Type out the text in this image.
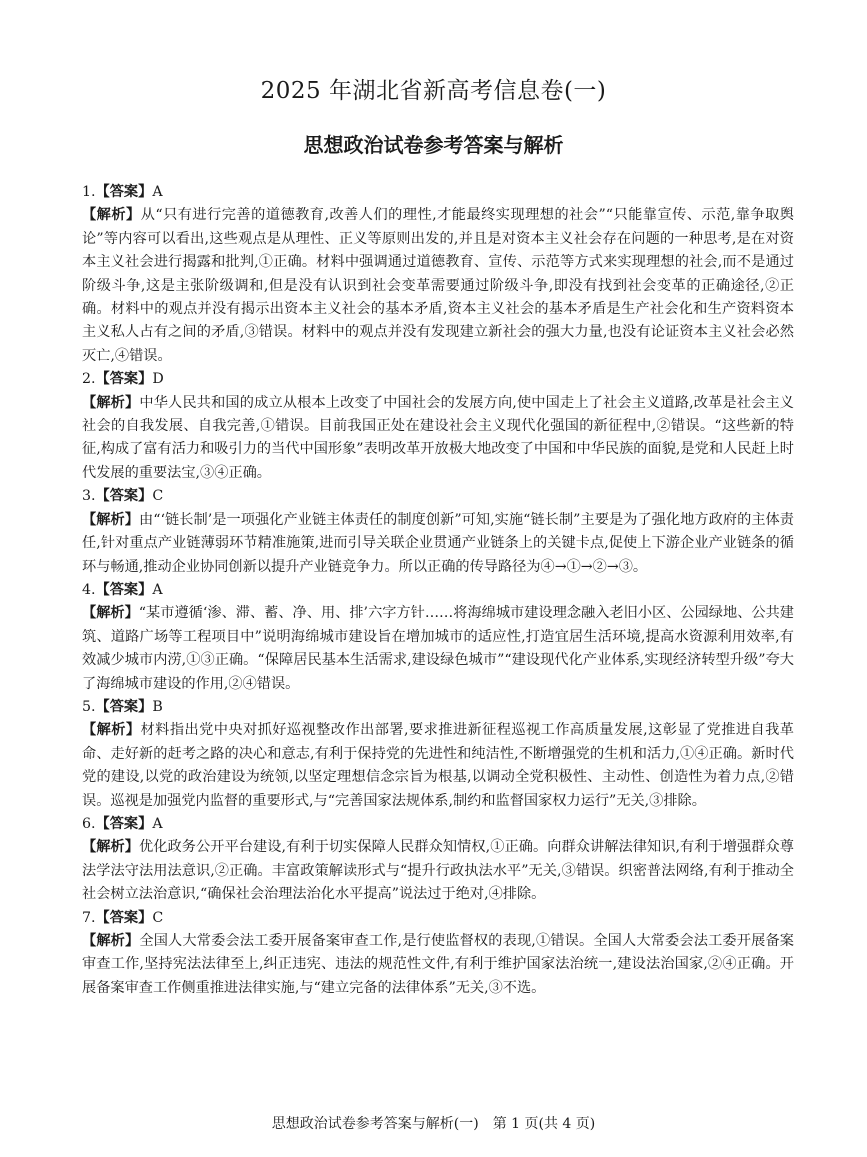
2025 年湖北省新高考信息卷(一)
思想政治试卷参考答案与解析
1.【答案】A
【解析】从“只有进行完善的道德教育,改善人们的理性,才能最终实现理想的社会”“只能靠宣传、示范,靠争取舆论”等内容可以看出,这些观点是从理性、正义等原则出发的,并且是对资本主义社会存在问题的一种思考,是在对资本主义社会进行揭露和批判,①正确。材料中强调通过道德教育、宣传、示范等方式来实现理想的社会,而不是通过阶级斗争,这是主张阶级调和,但是没有认识到社会变革需要通过阶级斗争,即没有找到社会变革的正确途径,②正确。材料中的观点并没有揭示出资本主义社会的基本矛盾,资本主义社会的基本矛盾是生产社会化和生产资料资本主义私人占有之间的矛盾,③错误。材料中的观点并没有发现建立新社会的强大力量,也没有论证资本主义社会必然灭亡,④错误。
2.【答案】D
【解析】中华人民共和国的成立从根本上改变了中国社会的发展方向,使中国走上了社会主义道路,改革是社会主义社会的自我发展、自我完善,①错误。目前我国正处在建设社会主义现代化强国的新征程中,②错误。“这些新的特征,构成了富有活力和吸引力的当代中国形象”表明改革开放极大地改变了中国和中华民族的面貌,是党和人民赶上时代发展的重要法宝,③④正确。
3.【答案】C
【解析】由“‘链长制’是一项强化产业链主体责任的制度创新”可知,实施“链长制”主要是为了强化地方政府的主体责任,针对重点产业链薄弱环节精准施策,进而引导关联企业贯通产业链条上的关键卡点,促使上下游企业产业链条的循环与畅通,推动企业协同创新以提升产业链竞争力。所以正确的传导路径为④→①→②→③。
4.【答案】A
【解析】“某市遵循‘渗、滞、蓄、净、用、排’六字方针……将海绵城市建设理念融入老旧小区、公园绿地、公共建筑、道路广场等工程项目中”说明海绵城市建设旨在增加城市的适应性,打造宜居生活环境,提高水资源利用效率,有效减少城市内涝,①③正确。“保障居民基本生活需求,建设绿色城市”“建设现代化产业体系,实现经济转型升级”夸大了海绵城市建设的作用,②④错误。
5.【答案】B
【解析】材料指出党中央对抓好巡视整改作出部署,要求推进新征程巡视工作高质量发展,这彰显了党推进自我革命、走好新的赶考之路的决心和意志,有利于保持党的先进性和纯洁性,不断增强党的生机和活力,①④正确。新时代党的建设,以党的政治建设为统领,以坚定理想信念宗旨为根基,以调动全党积极性、主动性、创造性为着力点,②错误。巡视是加强党内监督的重要形式,与“完善国家法规体系,制约和监督国家权力运行”无关,③排除。
6.【答案】A
【解析】优化政务公开平台建设,有利于切实保障人民群众知情权,①正确。向群众讲解法律知识,有利于增强群众尊法学法守法用法意识,②正确。丰富政策解读形式与“提升行政执法水平”无关,③错误。织密普法网络,有利于推动全社会树立法治意识,“确保社会治理法治化水平提高”说法过于绝对,④排除。
7.【答案】C
【解析】全国人大常委会法工委开展备案审查工作,是行使监督权的表现,①错误。全国人大常委会法工委开展备案审查工作,坚持宪法法律至上,纠正违宪、违法的规范性文件,有利于维护国家法治统一,建设法治国家,②④正确。开展备案审查工作侧重推进法律实施,与“建立完备的法律体系”无关,③不选。
思想政治试卷参考答案与解析(一)　第 1 页(共 4 页)
